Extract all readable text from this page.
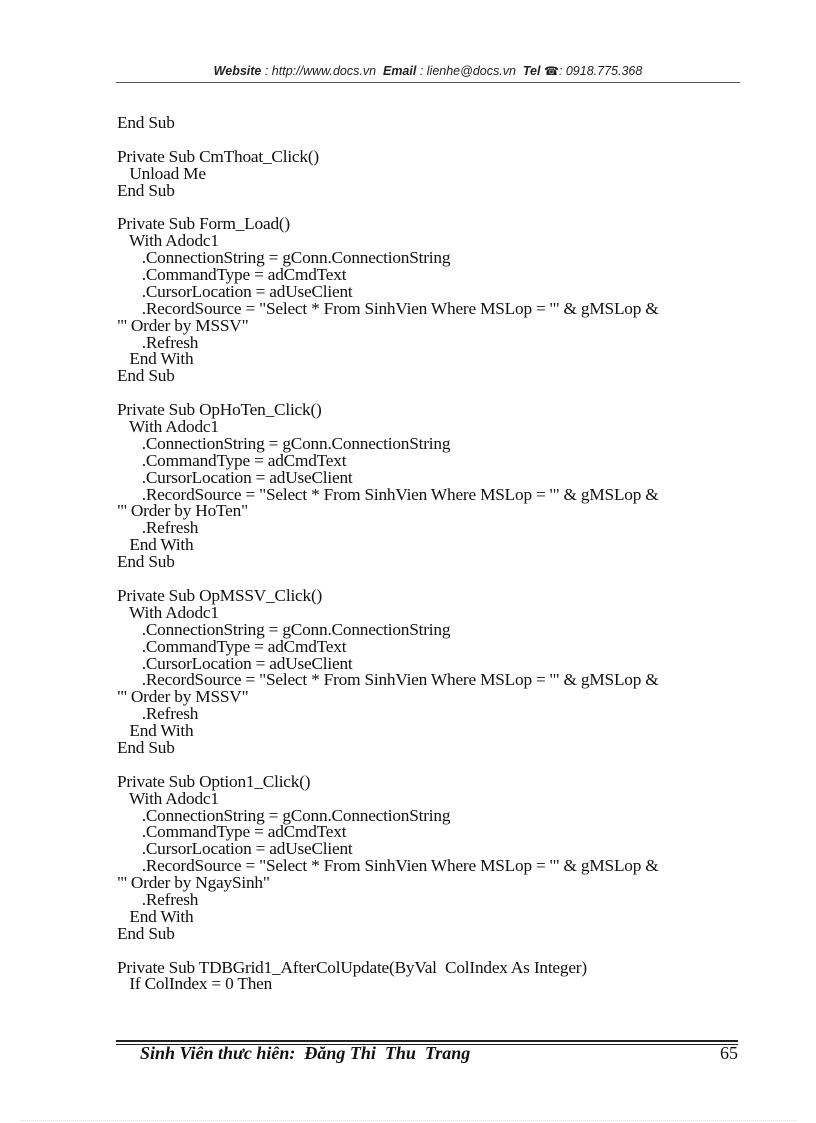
Website : http://www.docs.vn Email : lienhe@docs.vn Tel ☎: 0918.775.368
End Sub
Private Sub CmThoat_Click()
Unload Me
End Sub
Private Sub Form_Load()
With Adodc1
.ConnectionString = gConn.ConnectionString
.CommandType = adCmdText
.CursorLocation = adUseClient
.RecordSource = "Select * From SinhVien Where MSLop = '" & gMSLop &
"' Order by MSSV"
.Refresh
End With
End Sub
Private Sub OpHoTen_Click()
With Adodc1
.ConnectionString = gConn.ConnectionString
.CommandType = adCmdText
.CursorLocation = adUseClient
.RecordSource = "Select * From SinhVien Where MSLop = '" & gMSLop &
"' Order by HoTen"
.Refresh
End With
End Sub
Private Sub OpMSSV_Click()
With Adodc1
.ConnectionString = gConn.ConnectionString
.CommandType = adCmdText
.CursorLocation = adUseClient
.RecordSource = "Select * From SinhVien Where MSLop = '" & gMSLop &
"' Order by MSSV"
.Refresh
End With
End Sub
Private Sub Option1_Click()
With Adodc1
.ConnectionString = gConn.ConnectionString
.CommandType = adCmdText
.CursorLocation = adUseClient
.RecordSource = "Select * From SinhVien Where MSLop = '" & gMSLop &
"' Order by NgaySinh"
.Refresh
End With
End Sub
Private Sub TDBGrid1_AfterColUpdate(ByVal  ColIndex As Integer)
If ColIndex = 0 Then
Sinh Viên thưc hiên:  Đăng Thi  Thu  Trang	65
